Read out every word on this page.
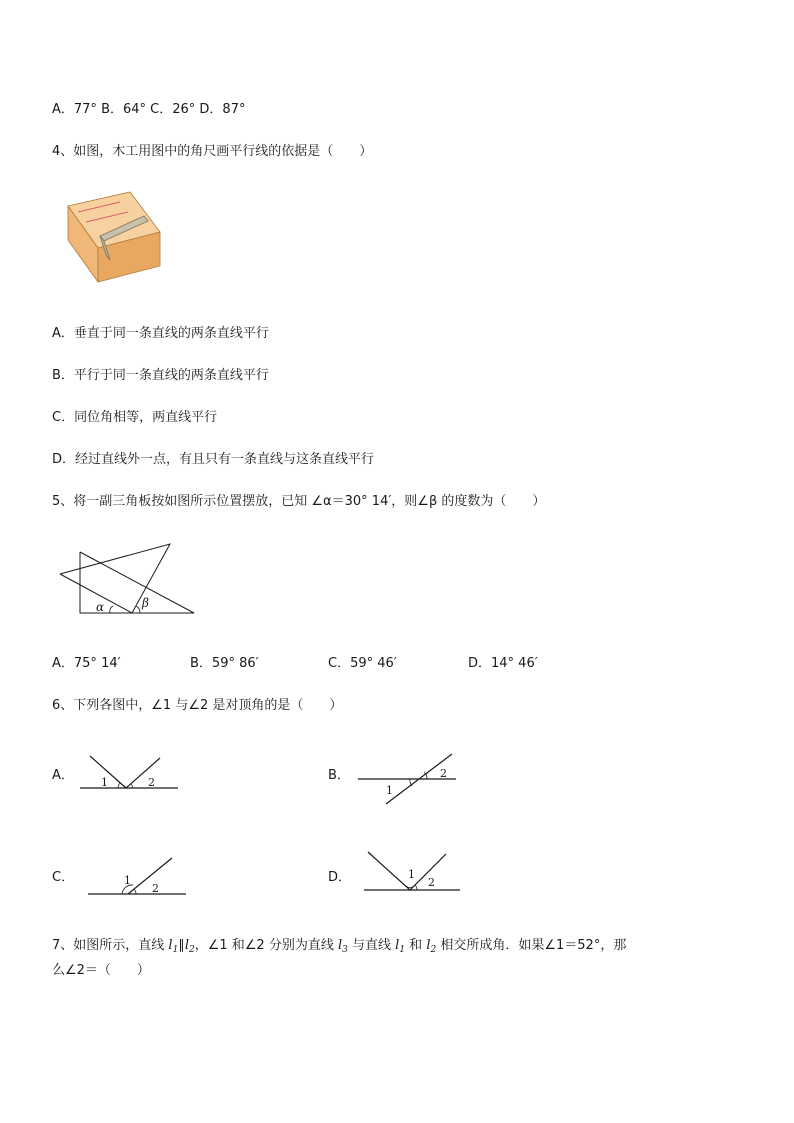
A．77° B．64° C．26° D．87°
4、如图，木工用图中的角尺画平行线的依据是（　　）
A．垂直于同一条直线的两条直线平行
B．平行于同一条直线的两条直线平行
C．同位角相等，两直线平行
D．经过直线外一点，有且只有一条直线与这条直线平行
5、将一副三角板按如图所示位置摆放，已知 ∠α＝30° 14′，则∠β 的度数为（　　）
α	β
A．75° 14′	B．59° 86′	C．59° 46′	D．14° 46′
6、下列各图中，∠1 与∠2 是对顶角的是（　　）
A． 1	2	B．
1
2
C．	1
2
D．	1
2
7、如图所示，直线 $l_1\parallel l_2$，∠1 和∠2 分别为直线 $l_3$ 与直线 $l_1$ 和 $l_2$ 相交所成角．如果∠1＝52°，那
么∠2＝（　　）
